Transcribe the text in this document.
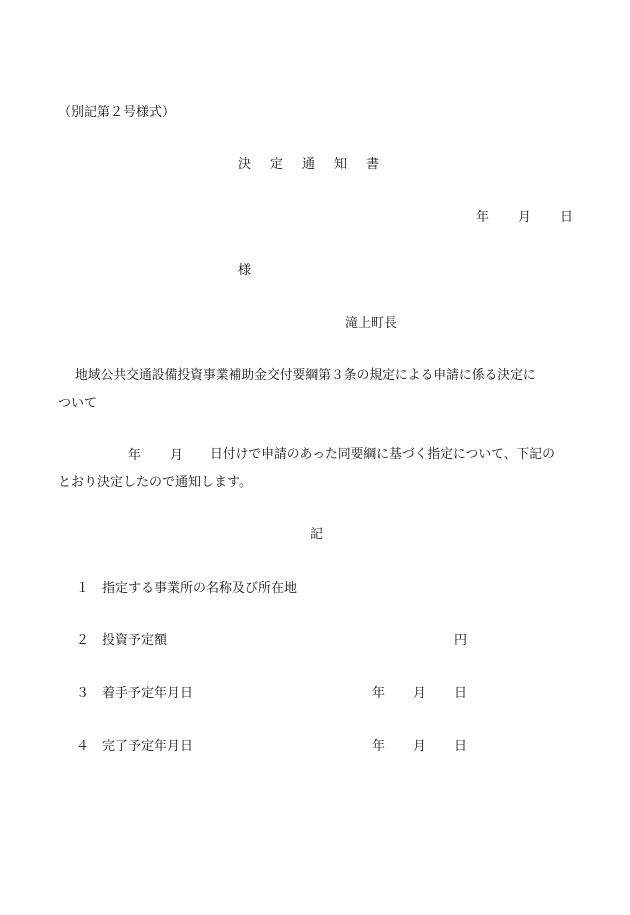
（別記第２号様式）

決 定 通 知 書
年 月 日
様
滝上町長
地域公共交通設備投資事業補助金交付要綱第３条の規定による申請に係る決定に
ついて
年 月 日付けで申請のあった同要綱に基づく指定について、下記の
とおり決定したので通知します。
記
１ 指定する事業所の名称及び所在地
２ 投資予定額	円
３ 着手予定年月日	年 月 日
４ 完了予定年月日	年 月 日
